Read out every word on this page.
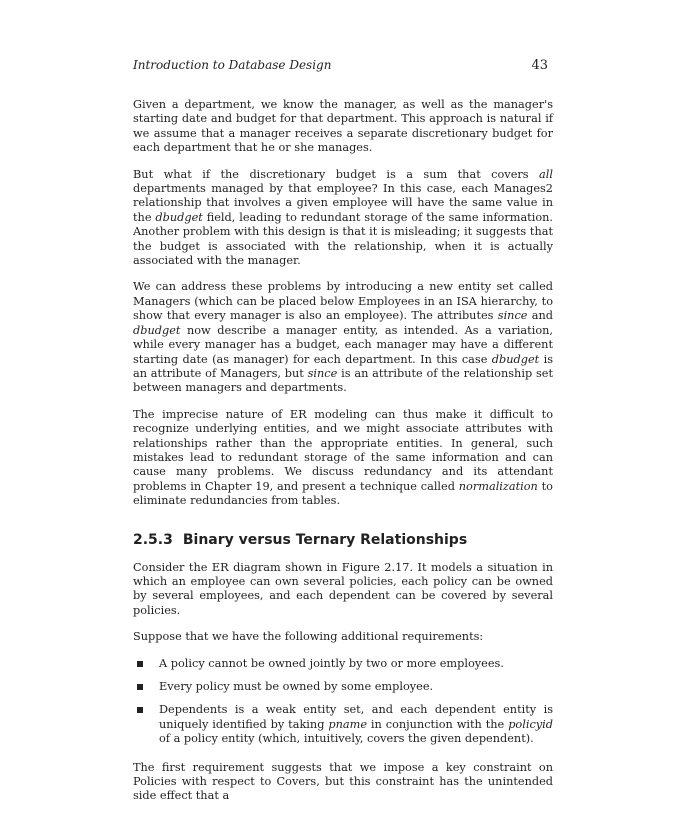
Introduction to Database Design	43

Given a department, we know the manager, as well as the manager's starting date and budget for that department. This approach is natural if we assume that a manager receives a separate discretionary budget for each department that he or she manages.

But what if the discretionary budget is a sum that covers all departments managed by that employee? In this case, each Manages2 relationship that involves a given employee will have the same value in the dbudget field, leading to redundant storage of the same information. Another problem with this design is that it is misleading; it suggests that the budget is associated with the relationship, when it is actually associated with the manager.

We can address these problems by introducing a new entity set called Managers (which can be placed below Employees in an ISA hierarchy, to show that every manager is also an employee). The attributes since and dbudget now describe a manager entity, as intended. As a variation, while every manager has a budget, each manager may have a different starting date (as manager) for each department. In this case dbudget is an attribute of Managers, but since is an attribute of the relationship set between managers and departments.

The imprecise nature of ER modeling can thus make it difficult to recognize underlying entities, and we might associate attributes with relationships rather than the appropriate entities. In general, such mistakes lead to redundant storage of the same information and can cause many problems. We discuss redundancy and its attendant problems in Chapter 19, and present a technique called normalization to eliminate redundancies from tables.

2.5.3 Binary versus Ternary Relationships

Consider the ER diagram shown in Figure 2.17. It models a situation in which an employee can own several policies, each policy can be owned by several employees, and each dependent can be covered by several policies.

Suppose that we have the following additional requirements:

A policy cannot be owned jointly by two or more employees.
Every policy must be owned by some employee.
Dependents is a weak entity set, and each dependent entity is uniquely identified by taking pname in conjunction with the policyid of a policy entity (which, intuitively, covers the given dependent).

The first requirement suggests that we impose a key constraint on Policies with respect to Covers, but this constraint has the unintended side effect that a
